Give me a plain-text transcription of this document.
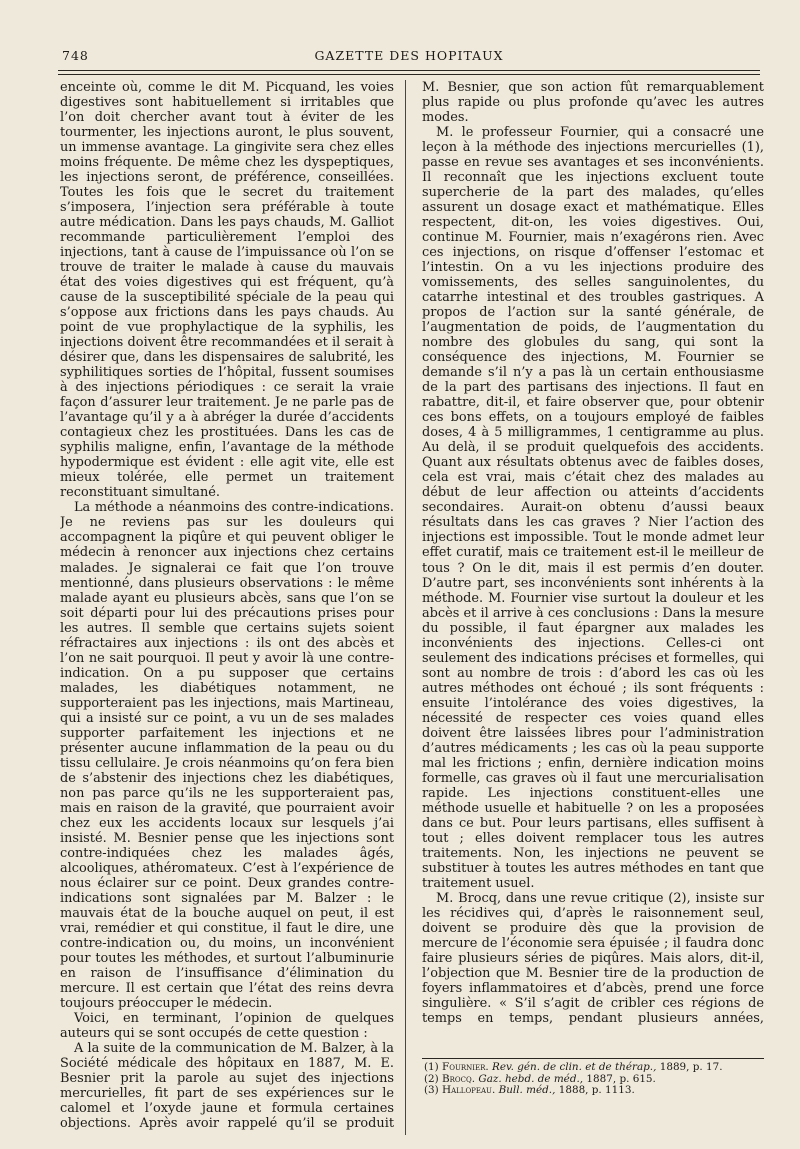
748	GAZETTE DES HOPITAUX

enceinte où, comme le dit M. Picquand, les voies digestives sont habituellement si irritables que l’on doit chercher avant tout à éviter de les tourmenter, les injections auront, le plus souvent, un immense avantage. La gingivite sera chez elles moins fréquente. De même chez les dyspeptiques, les injections seront, de préférence, conseillées. Toutes les fois que le secret du traitement s’imposera, l’injection sera préférable à toute autre médication. Dans les pays chauds, M. Galliot recommande particulièrement l’emploi des injections, tant à cause de l’impuissance où l’on se trouve de traiter le malade à cause du mauvais état des voies digestives qui est fréquent, qu’à cause de la susceptibilité spéciale de la peau qui s’oppose aux frictions dans les pays chauds. Au point de vue prophylactique de la syphilis, les injections doivent être recommandées et il serait à désirer que, dans les dispensaires de salubrité, les syphilitiques sorties de l’hôpital, fussent soumises à des injections périodiques : ce serait la vraie façon d’assurer leur traitement. Je ne parle pas de l’avantage qu’il y a à abréger la durée d’accidents contagieux chez les prostituées. Dans les cas de syphilis maligne, enfin, l’avantage de la méthode hypodermique est évident : elle agit vite, elle est mieux tolérée, elle permet un traitement reconstituant simultané.

La méthode a néanmoins des contre-indications. Je ne reviens pas sur les douleurs qui accompagnent la piqûre et qui peuvent obliger le médecin à renoncer aux injections chez certains malades. Je signalerai ce fait que l’on trouve mentionné, dans plusieurs observations : le même malade ayant eu plusieurs abcès, sans que l’on se soit départi pour lui des précautions prises pour les autres. Il semble que certains sujets soient réfractaires aux injections : ils ont des abcès et l’on ne sait pourquoi. Il peut y avoir là une contre-indication. On a pu supposer que certains malades, les diabétiques notamment, ne supporteraient pas les injections, mais Martineau, qui a insisté sur ce point, a vu un de ses malades supporter parfaitement les injections et ne présenter aucune inflammation de la peau ou du tissu cellulaire. Je crois néanmoins qu’on fera bien de s’abstenir des injections chez les diabétiques, non pas parce qu’ils ne les supporteraient pas, mais en raison de la gravité, que pourraient avoir chez eux les accidents locaux sur lesquels j’ai insisté. M. Besnier pense que les injections sont contre-indiquées chez les malades âgés, alcooliques, athéromateux. C’est à l’expérience de nous éclairer sur ce point. Deux grandes contre-indications sont signalées par M. Balzer : le mauvais état de la bouche auquel on peut, il est vrai, remédier et qui constitue, il faut le dire, une contre-indication ou, du moins, un inconvénient pour toutes les méthodes, et surtout l’albuminurie en raison de l’insuffisance d’élimination du mercure. Il est certain que l’état des reins devra toujours préoccuper le médecin.

Voici, en terminant, l’opinion de quelques auteurs qui se sont occupés de cette question :

A la suite de la communication de M. Balzer, à la Société médicale des hôpitaux en 1887, M. E. Besnier prit la parole au sujet des injections mercurielles, fit part de ses expériences sur le calomel et l’oxyde jaune et formula certaines objections. Après avoir rappelé qu’il se produit

M. Besnier, que son action fût remarquablement plus rapide ou plus profonde qu’avec les autres modes.

M. le professeur Fournier, qui a consacré une leçon à la méthode des injections mercurielles (1), passe en revue ses avantages et ses inconvénients. Il reconnaît que les injections excluent toute supercherie de la part des malades, qu’elles assurent un dosage exact et mathématique. Elles respectent, dit-on, les voies digestives. Oui, continue M. Fournier, mais n’exagérons rien. Avec ces injections, on risque d’offenser l’estomac et l’intestin. On a vu les injections produire des vomissements, des selles sanguinolentes, du catarrhe intestinal et des troubles gastriques. A propos de l’action sur la santé générale, de l’augmentation de poids, de l’augmentation du nombre des globules du sang, qui sont la conséquence des injections, M. Fournier se demande s’il n’y a pas là un certain enthousiasme de la part des partisans des injections. Il faut en rabattre, dit-il, et faire observer que, pour obtenir ces bons effets, on a toujours employé de faibles doses, 4 à 5 milligrammes, 1 centigramme au plus. Au delà, il se produit quelquefois des accidents. Quant aux résultats obtenus avec de faibles doses, cela est vrai, mais c’était chez des malades au début de leur affection ou atteints d’accidents secondaires. Aurait-on obtenu d’aussi beaux résultats dans les cas graves ? Nier l’action des injections est impossible. Tout le monde admet leur effet curatif, mais ce traitement est-il le meilleur de tous ? On le dit, mais il est permis d’en douter. D’autre part, ses inconvénients sont inhérents à la méthode. M. Fournier vise surtout la douleur et les abcès et il arrive à ces conclusions : Dans la mesure du possible, il faut épargner aux malades les inconvénients des injections. Celles-ci ont seulement des indications précises et formelles, qui sont au nombre de trois : d’abord les cas où les autres méthodes ont échoué ; ils sont fréquents : ensuite l’intolérance des voies digestives, la nécessité de respecter ces voies quand elles doivent être laissées libres pour l’administration d’autres médicaments ; les cas où la peau supporte mal les frictions ; enfin, dernière indication moins formelle, cas graves où il faut une mercurialisation rapide. Les injections constituent-elles une méthode usuelle et habituelle ? on les a proposées dans ce but. Pour leurs partisans, elles suffisent à tout ; elles doivent remplacer tous les autres traitements. Non, les injections ne peuvent se substituer à toutes les autres méthodes en tant que traitement usuel.

M. Brocq, dans une revue critique (2), insiste sur les récidives qui, d’après le raisonnement seul, doivent se produire dès que la provision de mercure de l’économie sera épuisée ; il faudra donc faire plusieurs séries de piqûres. Mais alors, dit-il, l’objection que M. Besnier tire de la production de foyers inflammatoires et d’abcès, prend une force singulière. « S’il s’agit de cribler ces régions de temps en temps, pendant plusieurs années,

(1) Fournier. Rev. gén. de clin. et de thérap., 1889, p. 17.
(2) Brocq. Gaz. hebd. de méd., 1887, p. 615.
(3) Hallopeau. Bull. méd., 1888, p. 1113.
